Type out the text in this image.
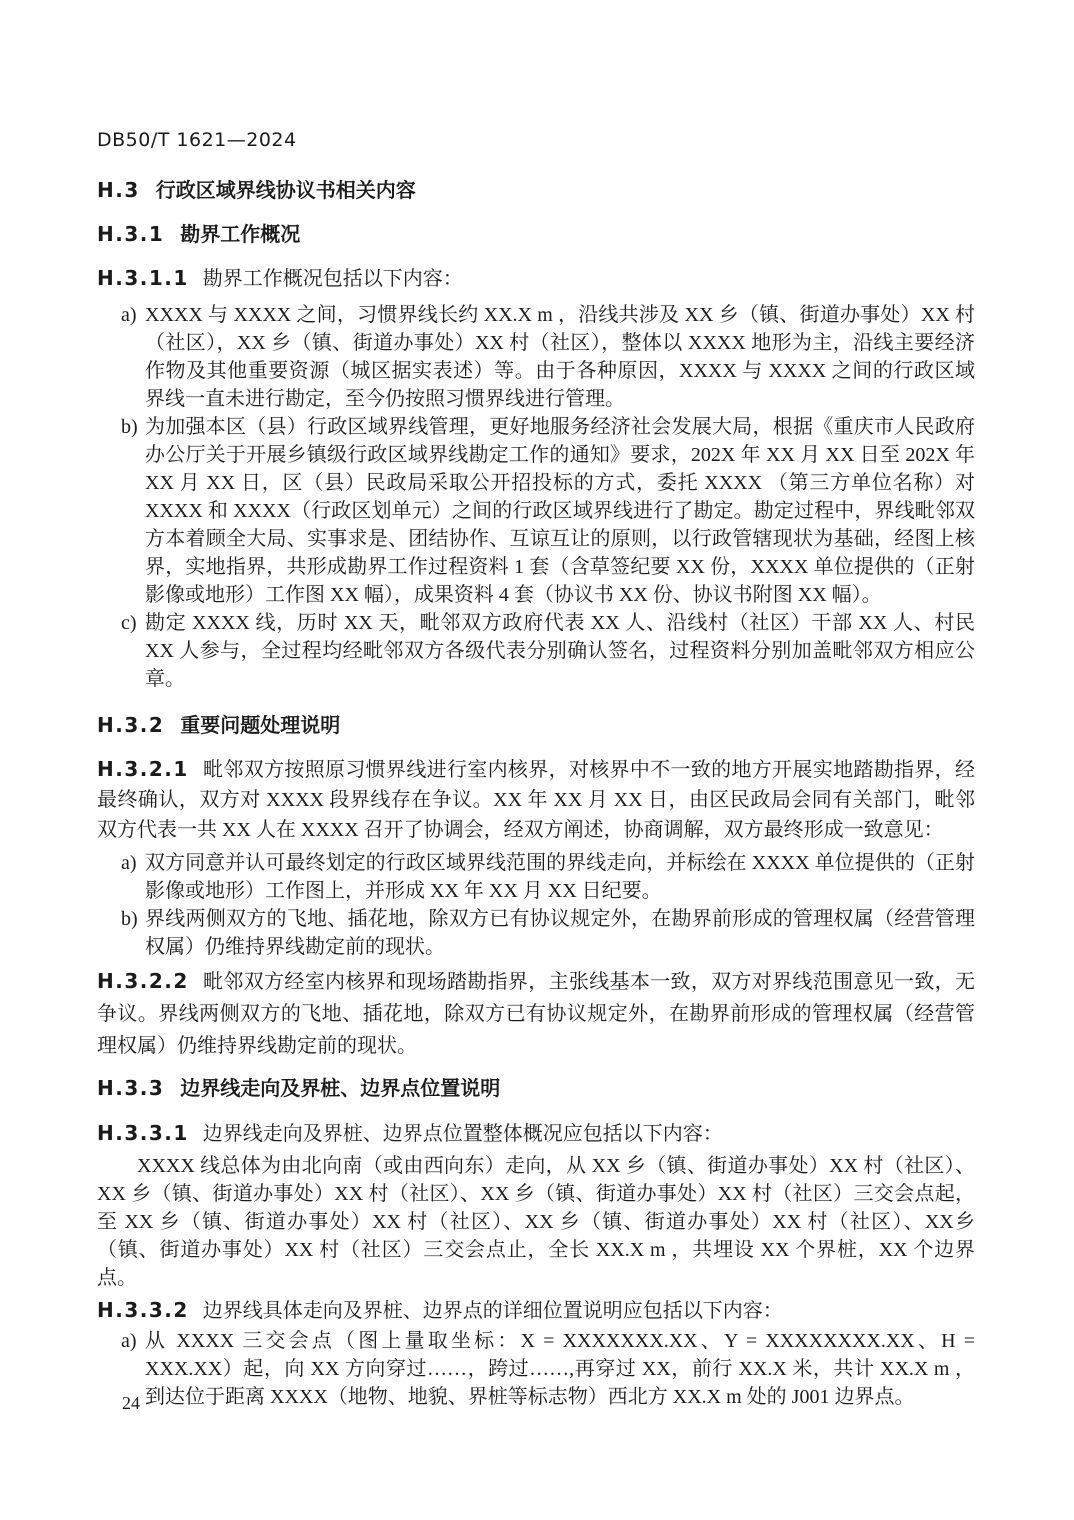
DB50/T 1621—2024
H.3 行政区域界线协议书相关内容
H.3.1 勘界工作概况

H.3.1.1 勘界工作概况包括以下内容：

a) XXXX 与 XXXX 之间，习惯界线长约 XX.X m ，沿线共涉及 XX 乡（镇、街道办事处）XX 村（社区），XX 乡（镇、街道办事处）XX 村（社区），整体以 XXXX 地形为主，沿线主要经济作物及其他重要资源（城区据实表述）等。由于各种原因，XXXX 与 XXXX 之间的行政区域界线一直未进行勘定，至今仍按照习惯界线进行管理。
b) 为加强本区（县）行政区域界线管理，更好地服务经济社会发展大局，根据《重庆市人民政府办公厅关于开展乡镇级行政区域界线勘定工作的通知》要求，202X 年 XX 月 XX 日至 202X 年 XX 月 XX 日，区（县）民政局采取公开招投标的方式，委托 XXXX （第三方单位名称）对 XXXX 和 XXXX（行政区划单元）之间的行政区域界线进行了勘定。勘定过程中，界线毗邻双方本着顾全大局、实事求是、团结协作、互谅互让的原则，以行政管辖现状为基础，经图上核界，实地指界，共形成勘界工作过程资料 1 套（含草签纪要 XX 份，XXXX 单位提供的（正射影像或地形）工作图 XX 幅），成果资料 4 套（协议书 XX 份、协议书附图 XX 幅）。
c) 勘定 XXXX 线，历时 XX 天，毗邻双方政府代表 XX 人、沿线村（社区）干部 XX 人、村民 XX 人参与，全过程均经毗邻双方各级代表分别确认签名，过程资料分别加盖毗邻双方相应公章。
H.3.2 重要问题处理说明

H.3.2.1 毗邻双方按照原习惯界线进行室内核界，对核界中不一致的地方开展实地踏勘指界，经最终确认，双方对 XXXX 段界线存在争议。XX 年 XX 月 XX 日，由区民政局会同有关部门，毗邻双方代表一共 XX 人在 XXXX 召开了协调会，经双方阐述，协商调解，双方最终形成一致意见：

a) 双方同意并认可最终划定的行政区域界线范围的界线走向，并标绘在 XXXX 单位提供的（正射影像或地形）工作图上，并形成 XX 年 XX 月 XX 日纪要。
b) 界线两侧双方的飞地、插花地，除双方已有协议规定外，在勘界前形成的管理权属（经营管理权属）仍维持界线勘定前的现状。

H.3.2.2 毗邻双方经室内核界和现场踏勘指界，主张线基本一致，双方对界线范围意见一致，无争议。界线两侧双方的飞地、插花地，除双方已有协议规定外，在勘界前形成的管理权属（经营管理权属）仍维持界线勘定前的现状。

H.3.3 边界线走向及界桩、边界点位置说明

H.3.3.1 边界线走向及界桩、边界点位置整体概况应包括以下内容：

XXXX 线总体为由北向南（或由西向东）走向，从 XX 乡（镇、街道办事处）XX 村（社区）、XX 乡（镇、街道办事处）XX 村（社区）、XX 乡（镇、街道办事处）XX 村（社区）三交会点起，至 XX 乡（镇、街道办事处）XX 村（社区）、XX 乡（镇、街道办事处）XX 村（社区）、XX乡（镇、街道办事处）XX 村（社区）三交会点止，全长 XX.X m ，共埋设 XX 个界桩，XX 个边界点。

H.3.3.2 边界线具体走向及界桩、边界点的详细位置说明应包括以下内容：

a) 从 XXXX 三交会点（图上量取坐标：X = XXXXXXX.XX、Y = XXXXXXXX.XX、H = XXX.XX）起，向 XX 方向穿过……，跨过……,再穿过 XX，前行 XX.X 米，共计 XX.X m ，到达位于距离 XXXX（地物、地貌、界桩等标志物）西北方 XX.X m 处的 J001 边界点。
24
